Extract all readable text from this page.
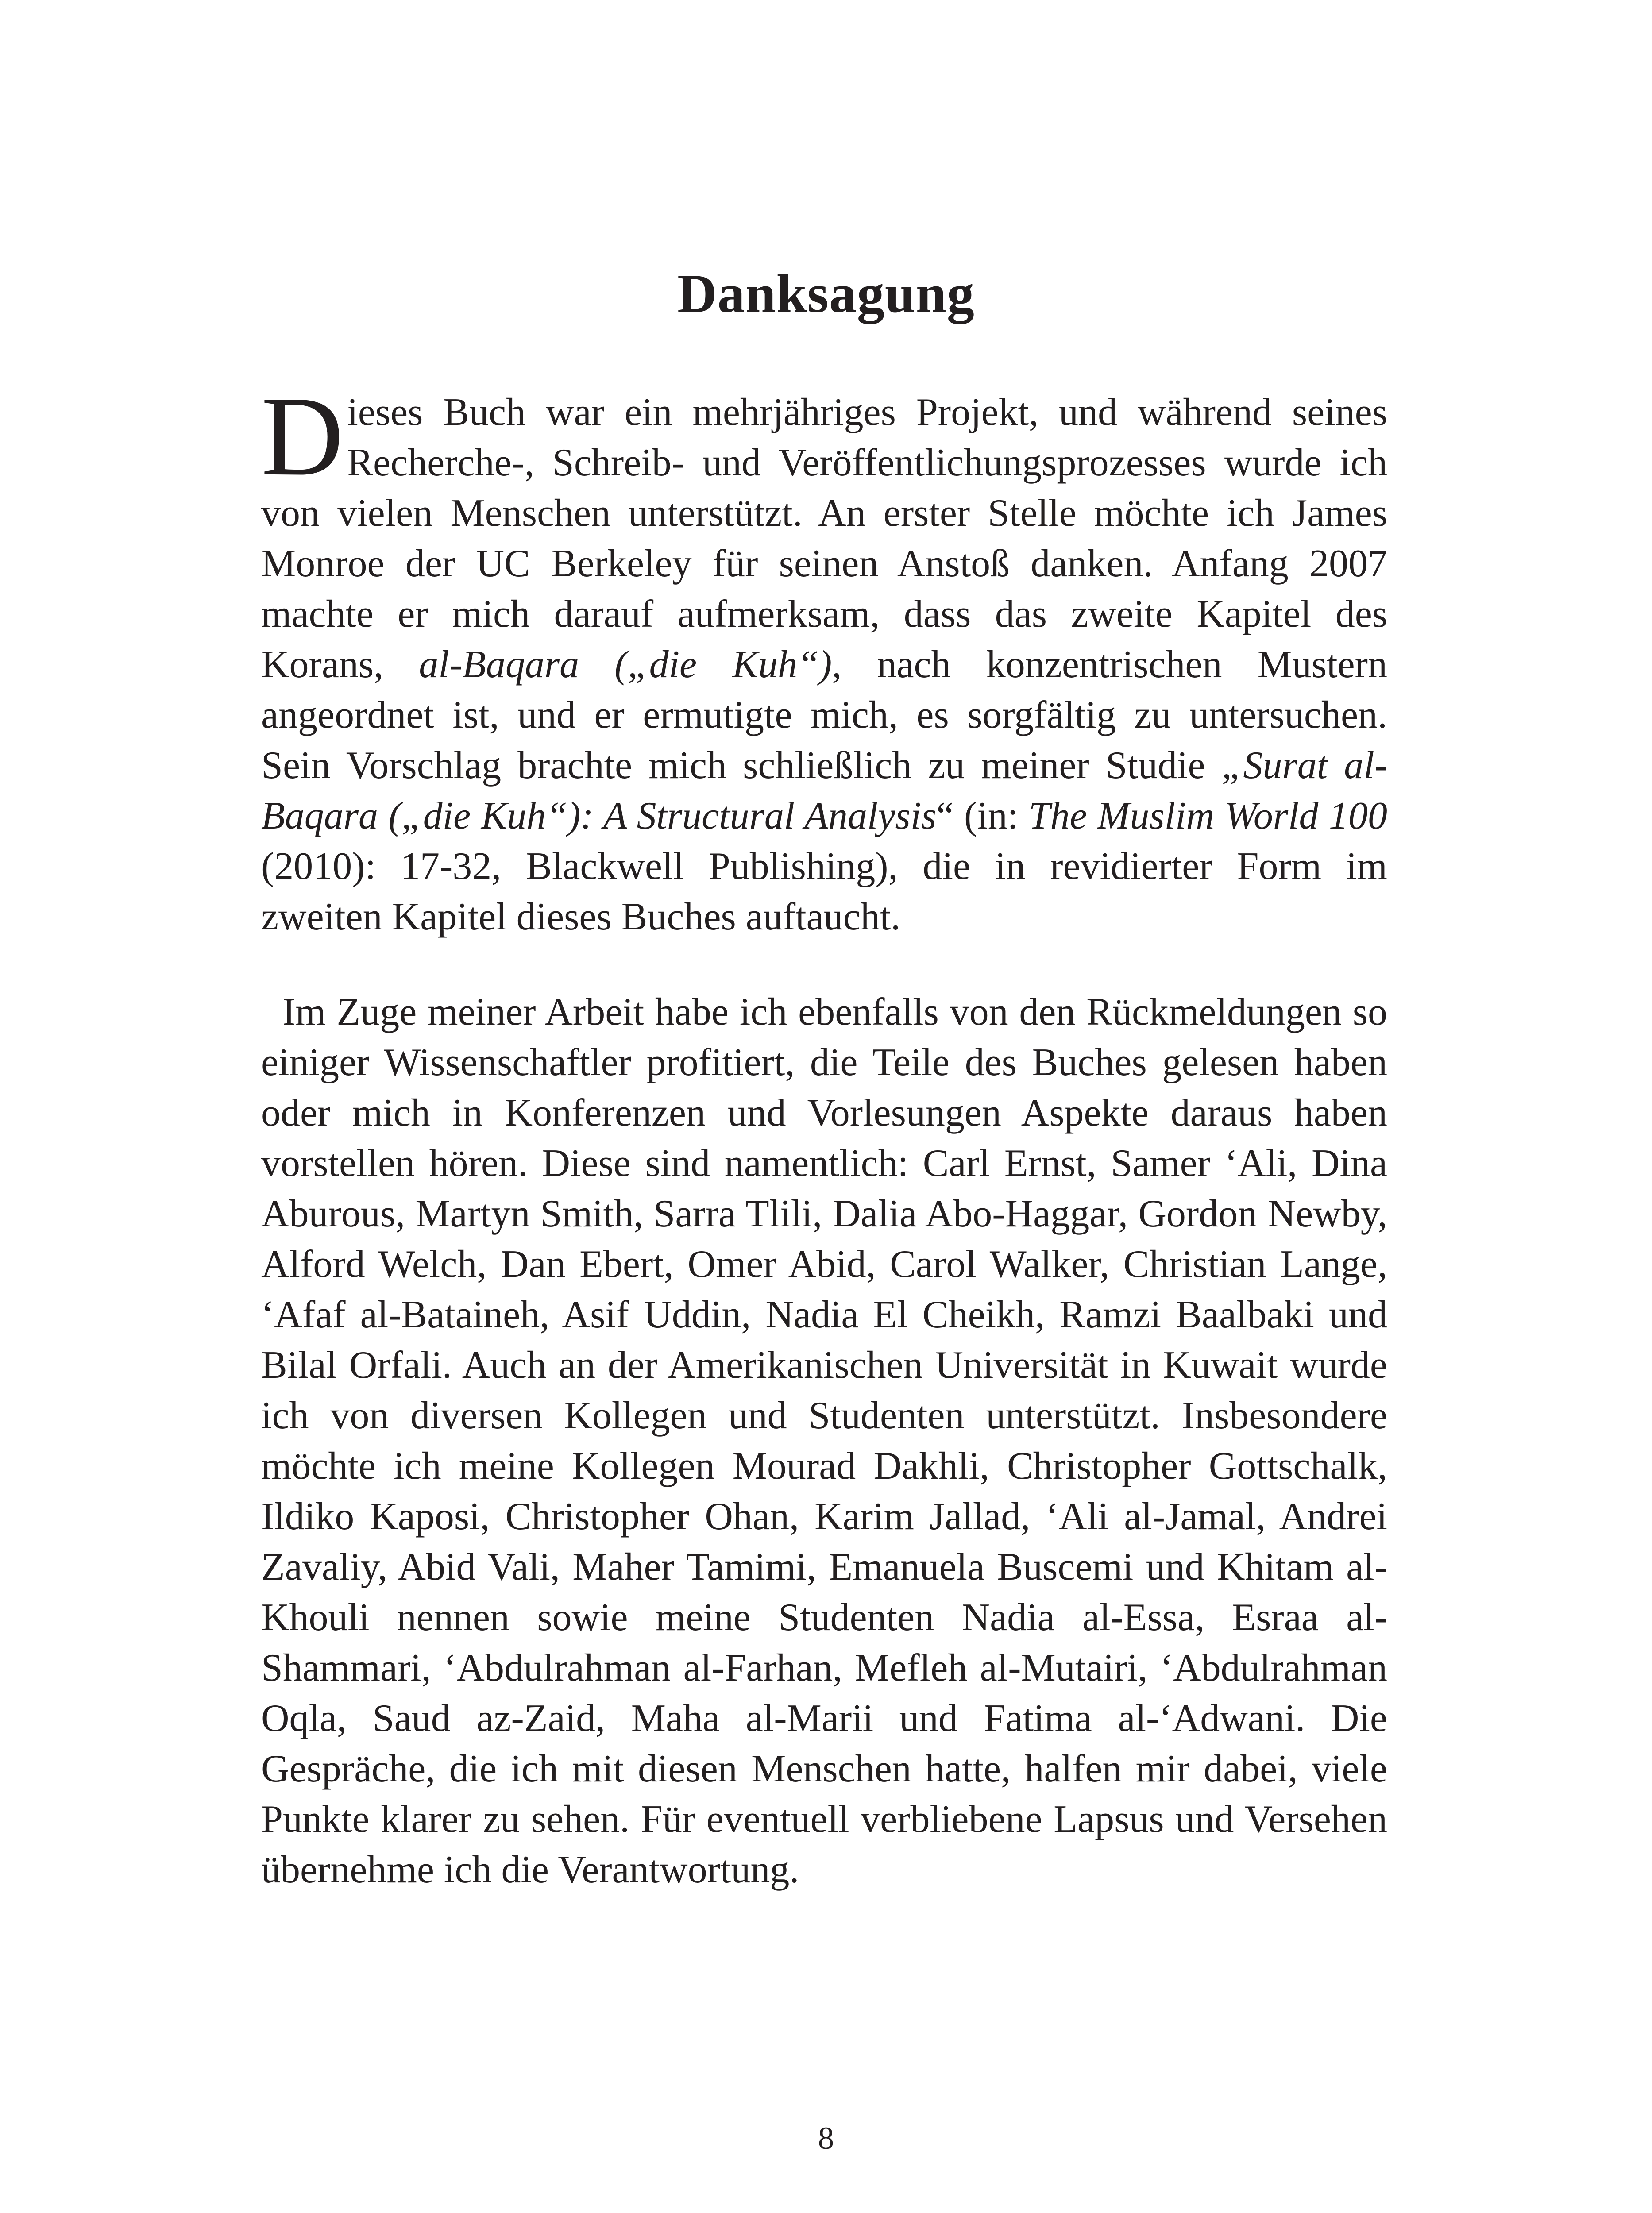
Danksagung

Dieses Buch war ein mehrjähriges Projekt, und während seines Recherche-, Schreib- und Veröffentlichungsprozesses wurde ich von vielen Menschen unterstützt. An erster Stelle möchte ich James Monroe der UC Berkeley für seinen Anstoß danken. Anfang 2007 machte er mich darauf aufmerksam, dass das zweite Kapitel des Korans, al-Baqara („die Kuh“), nach konzentrischen Mustern angeordnet ist, und er ermutigte mich, es sorgfältig zu untersuchen. Sein Vorschlag brachte mich schließlich zu meiner Studie „Surat al-Baqara („die Kuh“): A Structural Analysis“ (in: The Muslim World 100 (2010): 17-32, Blackwell Publishing), die in revidierter Form im zweiten Kapitel dieses Buches auftaucht.

Im Zuge meiner Arbeit habe ich ebenfalls von den Rückmeldungen so einiger Wissenschaftler profitiert, die Teile des Buches gelesen haben oder mich in Konferenzen und Vorlesungen Aspekte daraus haben vorstellen hören. Diese sind namentlich: Carl Ernst, Samer ‘Ali, Dina Aburous, Martyn Smith, Sarra Tlili, Dalia Abo-Haggar, Gordon Newby, Alford Welch, Dan Ebert, Omer Abid, Carol Walker, Christian Lange, ‘Afaf al-Bataineh, Asif Uddin, Nadia El Cheikh, Ramzi Baalbaki und Bilal Orfali. Auch an der Amerikanischen Universität in Kuwait wurde ich von diversen Kollegen und Studenten unterstützt. Insbesondere möchte ich meine Kollegen Mourad Dakhli, Christopher Gottschalk, Ildiko Kaposi, Christopher Ohan, Karim Jallad, ‘Ali al-Jamal, Andrei Zavaliy, Abid Vali, Maher Tamimi, Emanuela Buscemi und Khitam al-Khouli nennen sowie meine Studenten Nadia al-Essa, Esraa al-Shammari, ‘Abdulrahman al-Farhan, Mefleh al-Mutairi, ‘Abdulrahman Oqla, Saud az-Zaid, Maha al-Marii und Fatima al-‘Adwani. Die Gespräche, die ich mit diesen Menschen hatte, halfen mir dabei, viele Punkte klarer zu sehen. Für eventuell verbliebene Lapsus und Versehen übernehme ich die Verantwortung.

8
